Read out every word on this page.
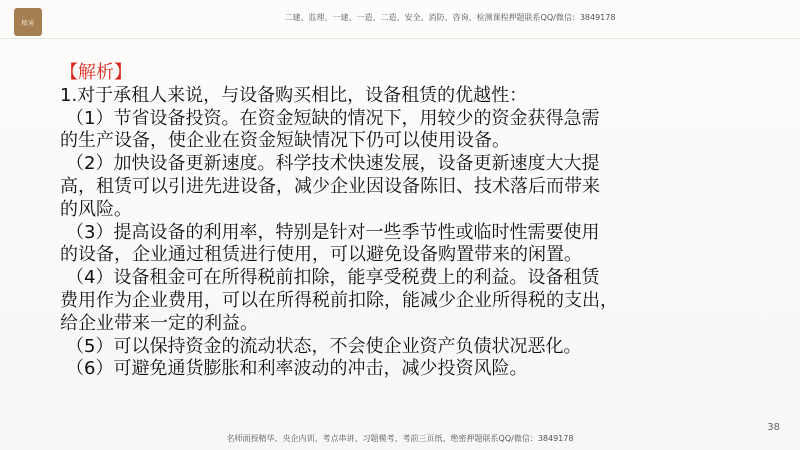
精通
二建、监理、一建、一造、二造、安全、消防、咨询、检测课程押题联系QQ/微信：3849178

【解析】

1.对于承租人来说，与设备购买相比，设备租赁的优越性：

（1）节省设备投资。在资金短缺的情况下，用较少的资金获得急需

的生产设备，使企业在资金短缺情况下仍可以使用设备。

（2）加快设备更新速度。科学技术快速发展，设备更新速度大大提

高，租赁可以引进先进设备，减少企业因设备陈旧、技术落后而带来

的风险。

（3）提高设备的利用率，特别是针对一些季节性或临时性需要使用

的设备，企业通过租赁进行使用，可以避免设备购置带来的闲置。

（4）设备租金可在所得税前扣除，能享受税费上的利益。设备租赁

费用作为企业费用，可以在所得税前扣除，能减少企业所得税的支出，

给企业带来一定的利益。

（5）可以保持资金的流动状态，不会使企业资产负债状况恶化。

（6）可避免通货膨胀和利率波动的冲击，减少投资风险。

38
名师面授精华、央企内训、考点串讲、习题模考、考前三页纸、绝密押题联系QQ/微信：3849178
